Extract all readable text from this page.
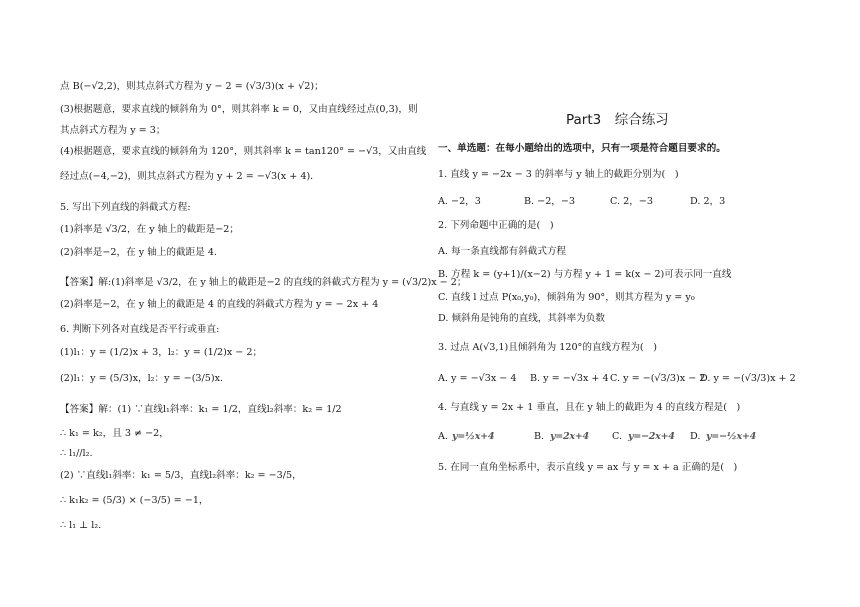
点 B(−√2,2)，则其点斜式方程为 y − 2 = (√3/3)(x + √2)；
(3)根据题意，要求直线的倾斜角为 0°，则其斜率 k = 0，又由直线经过点(0,3)，则
其点斜式方程为 y = 3；
(4)根据题意，要求直线的倾斜角为 120°，则其斜率 k = tan120° = −√3，又由直线
经过点(−4,−2)，则其点斜式方程为 y + 2 = −√3(x + 4)．
5. 写出下列直线的斜截式方程:
(1)斜率是 √3/2，在 y 轴上的截距是−2；
(2)斜率是−2，在 y 轴上的截距是 4.
【答案】解:(1)斜率是 √3/2，在 y 轴上的截距是−2 的直线的斜截式方程为 y = (√3/2)x − 2；
(2)斜率是−2，在 y 轴上的截距是 4 的直线的斜截式方程为 y = − 2x + 4
6. 判断下列各对直线是否平行或垂直:
(1)l₁：y = (1/2)x + 3，l₂：y = (1/2)x − 2；
(2)l₁：y = (5/3)x，l₂：y = −(3/5)x.
【答案】解：(1) ∵直线l₁斜率：k₁ = 1/2，直线l₂斜率：k₂ = 1/2
∴ k₁ = k₂，且 3 ≠ −2，
∴ l₁//l₂.
(2) ∵直线l₁斜率：k₁ = 5/3，直线l₂斜率：k₂ = −3/5，
∴ k₁k₂ = (5/3) × (−3/5) = −1，
∴ l₁ ⊥ l₂.
Part3　综合练习
一、单选题：在每小题给出的选项中，只有一项是符合题目要求的。
1. 直线 y = −2x − 3 的斜率与 y 轴上的截距分别为(　)
A. −2，3	B. −2，−3	C. 2，−3	D. 2，3
2. 下列命题中正确的是(　)
A. 每一条直线都有斜截式方程
B. 方程 k = (y+1)/(x−2) 与方程 y + 1 = k(x − 2)可表示同一直线
C. 直线 l 过点 P(x₀,y₀)，倾斜角为 90°，则其方程为 y = y₀
D. 倾斜角是钝角的直线，其斜率为负数
3. 过点 A(√3,1)且倾斜角为 120°的直线方程为(　)
A. y = −√3x − 4 B. y = −√3x + 4 C. y = −(√3/3)x − 2
D. y = −(√3/3)x + 2
4. 与直线 y = 2x + 1 垂直，且在 y 轴上的截距为 4 的直线方程是(　)
A. y=½x+4	B. y=2x+4 C. y=−2x+4 D. y=−½x+4
5. 在同一直角坐标系中，表示直线 y = ax 与 y = x + a 正确的是(　)
